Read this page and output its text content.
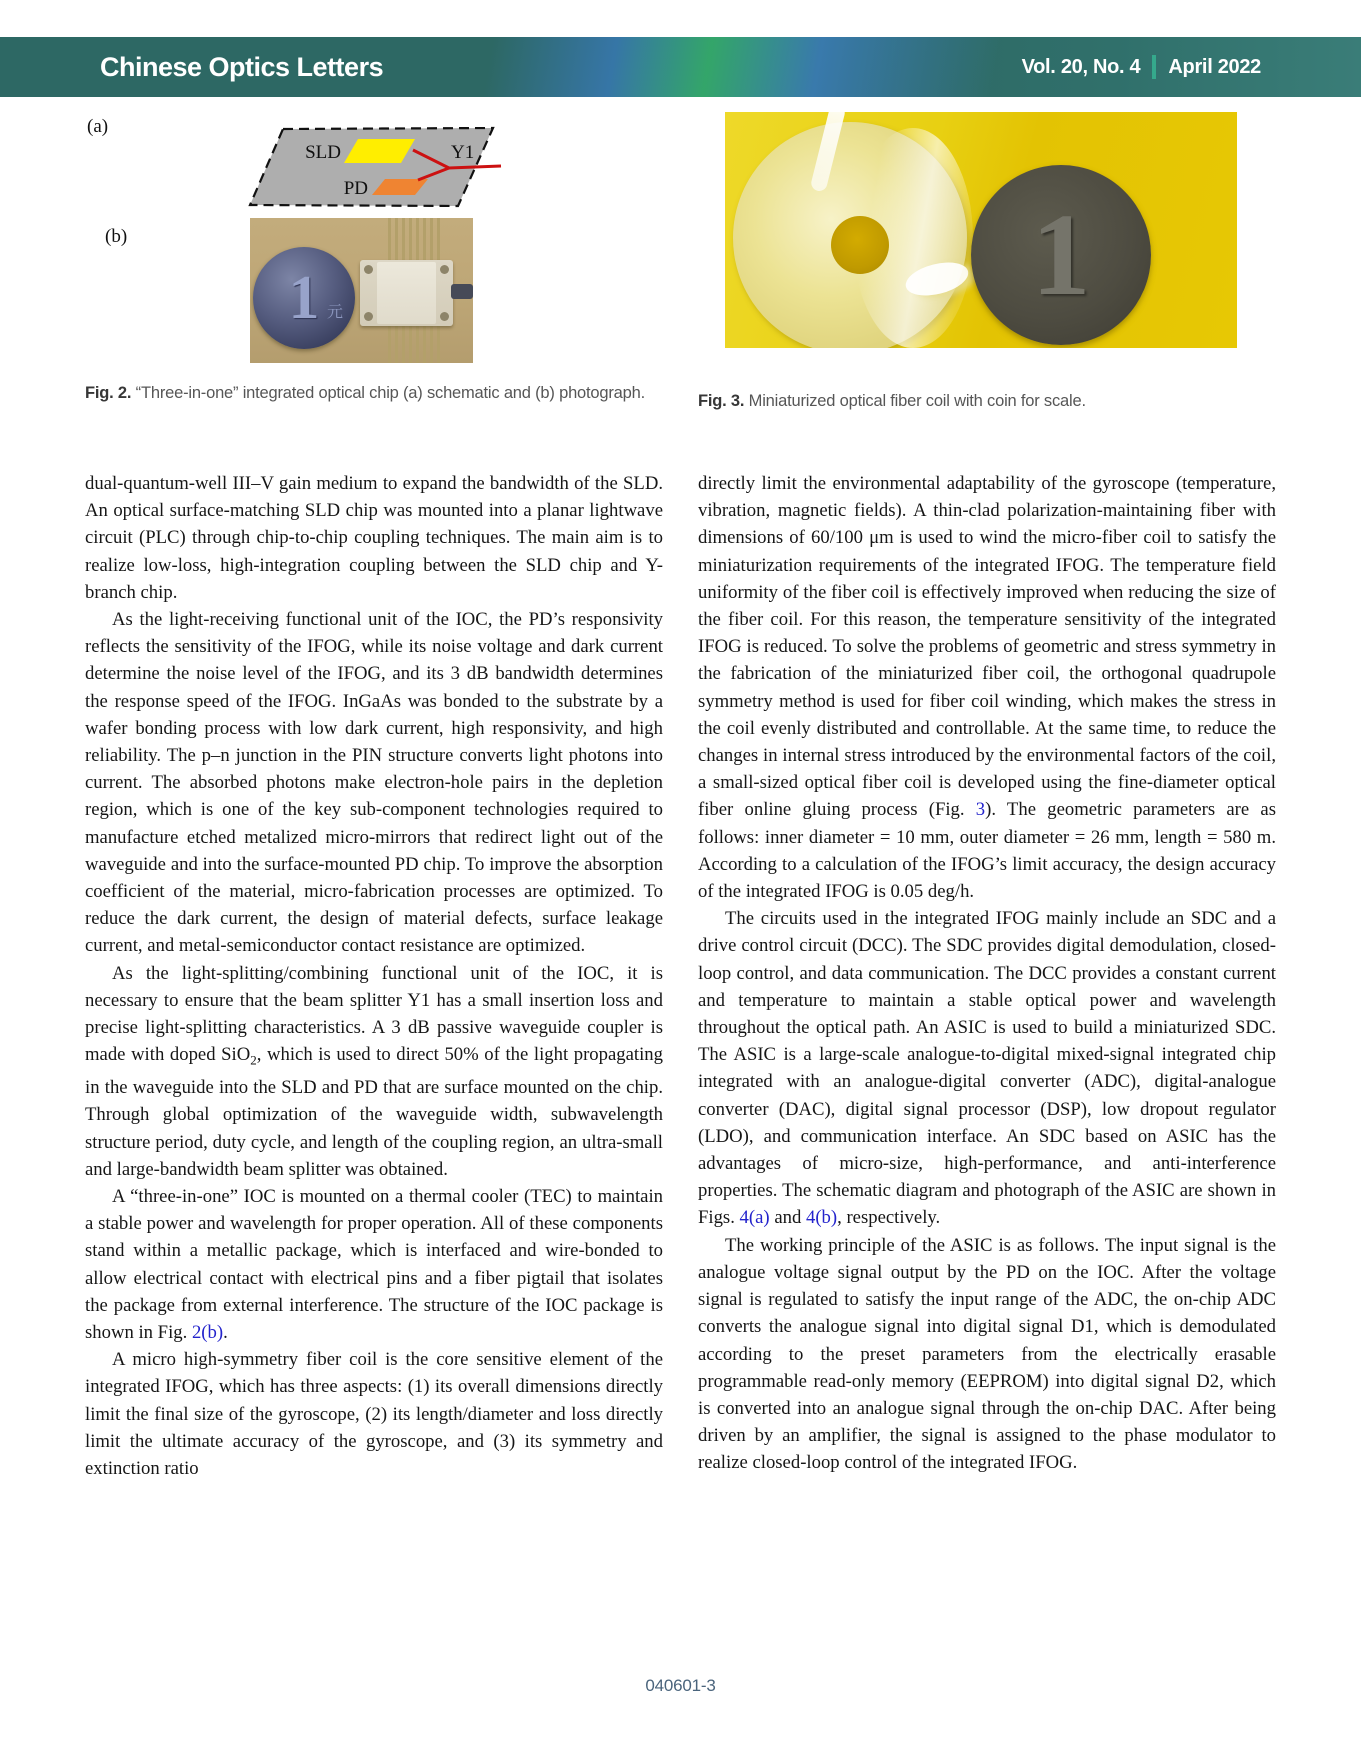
Chinese Optics Letters	Vol. 20, No. 4 April 2022
(a)
SLD	Y1
PD
(b)
1 元
Fig. 2. “Three-in-one” integrated optical chip (a) schematic and (b) photograph.

dual-quantum-well III–V gain medium to expand the bandwidth of the SLD. An optical surface-matching SLD chip was mounted into a planar lightwave circuit (PLC) through chip-to-chip coupling techniques. The main aim is to realize low-loss, high-integration coupling between the SLD chip and Y-branch chip.

As the light-receiving functional unit of the IOC, the PD’s responsivity reflects the sensitivity of the IFOG, while its noise voltage and dark current determine the noise level of the IFOG, and its 3 dB bandwidth determines the response speed of the IFOG. InGaAs was bonded to the substrate by a wafer bonding process with low dark current, high responsivity, and high reliability. The p–n junction in the PIN structure converts light photons into current. The absorbed photons make electron-hole pairs in the depletion region, which is one of the key sub-component technologies required to manufacture etched metalized micro-mirrors that redirect light out of the waveguide and into the surface-mounted PD chip. To improve the absorption coefficient of the material, micro-fabrication processes are optimized. To reduce the dark current, the design of material defects, surface leakage current, and metal-semiconductor contact resistance are optimized.

As the light-splitting/combining functional unit of the IOC, it is necessary to ensure that the beam splitter Y1 has a small insertion loss and precise light-splitting characteristics. A 3 dB passive waveguide coupler is made with doped SiO$_2$, which is used to direct 50% of the light propagating in the waveguide into the SLD and PD that are surface mounted on the chip. Through global optimization of the waveguide width, subwavelength structure period, duty cycle, and length of the coupling region, an ultra-small and large-bandwidth beam splitter was obtained.

A “three-in-one” IOC is mounted on a thermal cooler (TEC) to maintain a stable power and wavelength for proper operation. All of these components stand within a metallic package, which is interfaced and wire-bonded to allow electrical contact with electrical pins and a fiber pigtail that isolates the package from external interference. The structure of the IOC package is shown in Fig. 2(b).

A micro high-symmetry fiber coil is the core sensitive element of the integrated IFOG, which has three aspects: (1) its overall dimensions directly limit the final size of the gyroscope, (2) its length/diameter and loss directly limit the ultimate accuracy of the gyroscope, and (3) its symmetry and extinction ratio

1
Fig. 3. Miniaturized optical fiber coil with coin for scale.

directly limit the environmental adaptability of the gyroscope (temperature, vibration, magnetic fields). A thin-clad polarization-maintaining fiber with dimensions of 60/100 μm is used to wind the micro-fiber coil to satisfy the miniaturization requirements of the integrated IFOG. The temperature field uniformity of the fiber coil is effectively improved when reducing the size of the fiber coil. For this reason, the temperature sensitivity of the integrated IFOG is reduced. To solve the problems of geometric and stress symmetry in the fabrication of the miniaturized fiber coil, the orthogonal quadrupole symmetry method is used for fiber coil winding, which makes the stress in the coil evenly distributed and controllable. At the same time, to reduce the changes in internal stress introduced by the environmental factors of the coil, a small-sized optical fiber coil is developed using the fine-diameter optical fiber online gluing process (Fig. 3). The geometric parameters are as follows: inner diameter = 10 mm, outer diameter = 26 mm, length = 580 m. According to a calculation of the IFOG’s limit accuracy, the design accuracy of the integrated IFOG is 0.05 deg/h.

The circuits used in the integrated IFOG mainly include an SDC and a drive control circuit (DCC). The SDC provides digital demodulation, closed-loop control, and data communication. The DCC provides a constant current and temperature to maintain a stable optical power and wavelength throughout the optical path. An ASIC is used to build a miniaturized SDC. The ASIC is a large-scale analogue-to-digital mixed-signal integrated chip integrated with an analogue-digital converter (ADC), digital-analogue converter (DAC), digital signal processor (DSP), low dropout regulator (LDO), and communication interface. An SDC based on ASIC has the advantages of micro-size, high-performance, and anti-interference properties. The schematic diagram and photograph of the ASIC are shown in Figs. 4(a) and 4(b), respectively.

The working principle of the ASIC is as follows. The input signal is the analogue voltage signal output by the PD on the IOC. After the voltage signal is regulated to satisfy the input range of the ADC, the on-chip ADC converts the analogue signal into digital signal D1, which is demodulated according to the preset parameters from the electrically erasable programmable read-only memory (EEPROM) into digital signal D2, which is converted into an analogue signal through the on-chip DAC. After being driven by an amplifier, the signal is assigned to the phase modulator to realize closed-loop control of the integrated IFOG.

040601-3
